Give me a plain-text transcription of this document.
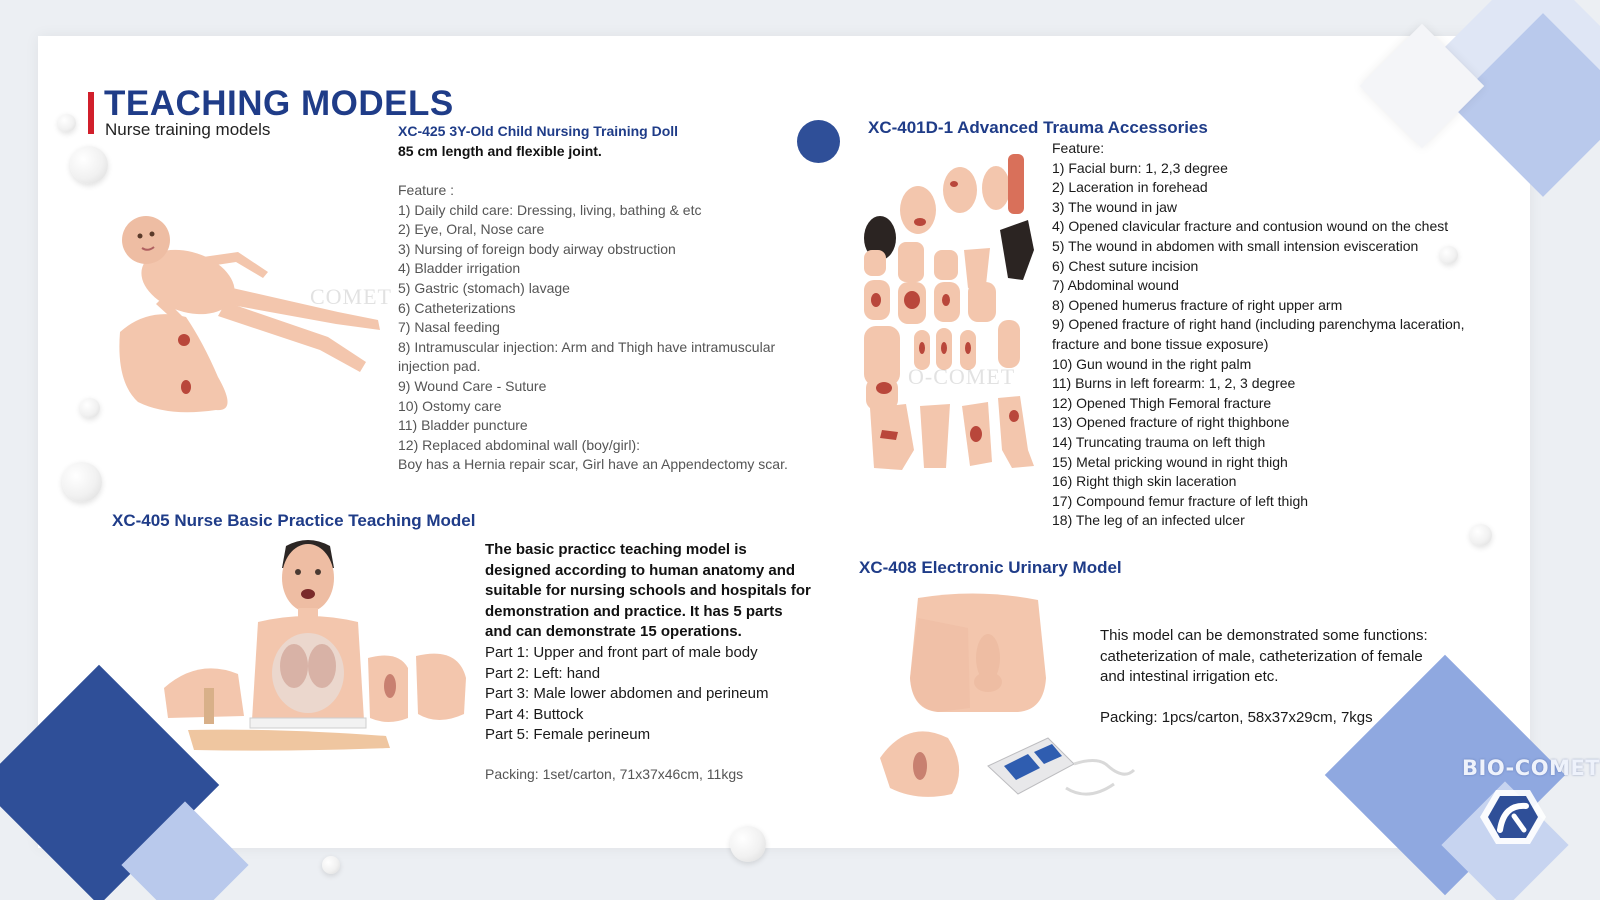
TEACHING MODELS
Nurse training models	XC-425 3Y-Old Child Nursing Training Doll
85 cm length and flexible joint.
Feature :
1) Daily child care: Dressing, living, bathing & etc
2) Eye, Oral, Nose care
3) Nursing of foreign body airway obstruction
4) Bladder irrigation
5) Gastric (stomach) lavage
6) Catheterizations
7) Nasal feeding
8) Intramuscular injection: Arm and Thigh have intramuscular
injection pad.
9) Wound Care - Suture
10) Ostomy care
11) Bladder puncture
12) Replaced abdominal wall (boy/girl):
Boy has a Hernia repair scar, Girl have an Appendectomy scar.
COMET
XC-401D-1 Advanced Trauma Accessories
Feature:
1) Facial burn: 1, 2,3 degree
2) Laceration in forehead
3) The wound in jaw
4) Opened clavicular fracture and contusion wound on the chest
5) The wound in abdomen with small intension evisceration
6) Chest suture incision
7) Abdominal wound
8) Opened humerus fracture of right upper arm
9) Opened fracture of right hand (including parenchyma laceration,
fracture and bone tissue exposure)
10) Gun wound in the right palm
11) Burns in left forearm: 1, 2, 3 degree
12) Opened Thigh Femoral fracture
13) Opened fracture of right thighbone
14) Truncating trauma on left thigh
15) Metal pricking wound in right thigh
16) Right thigh skin laceration
17) Compound femur fracture of left thigh
18) The leg of an infected ulcer
O-COMET
XC-405 Nurse Basic Practice Teaching Model
The basic practicc teaching model is
designed according to human anatomy and
suitable for nursing schools and hospitals for
demonstration and practice. It has 5 parts
and can demonstrate 15 operations.
Part 1: Upper and front part of male body
Part 2: Left: hand
Part 3: Male lower abdomen and perineum
Part 4: Buttock
Part 5: Female perineum
Packing: 1set/carton, 71x37x46cm, 11kgs
XC-408 Electronic Urinary Model
This model can be demonstrated some functions:
catheterization of male, catheterization of female
and intestinal irrigation etc.
Packing: 1pcs/carton, 58x37x29cm, 7kgs
BIO-COMET
